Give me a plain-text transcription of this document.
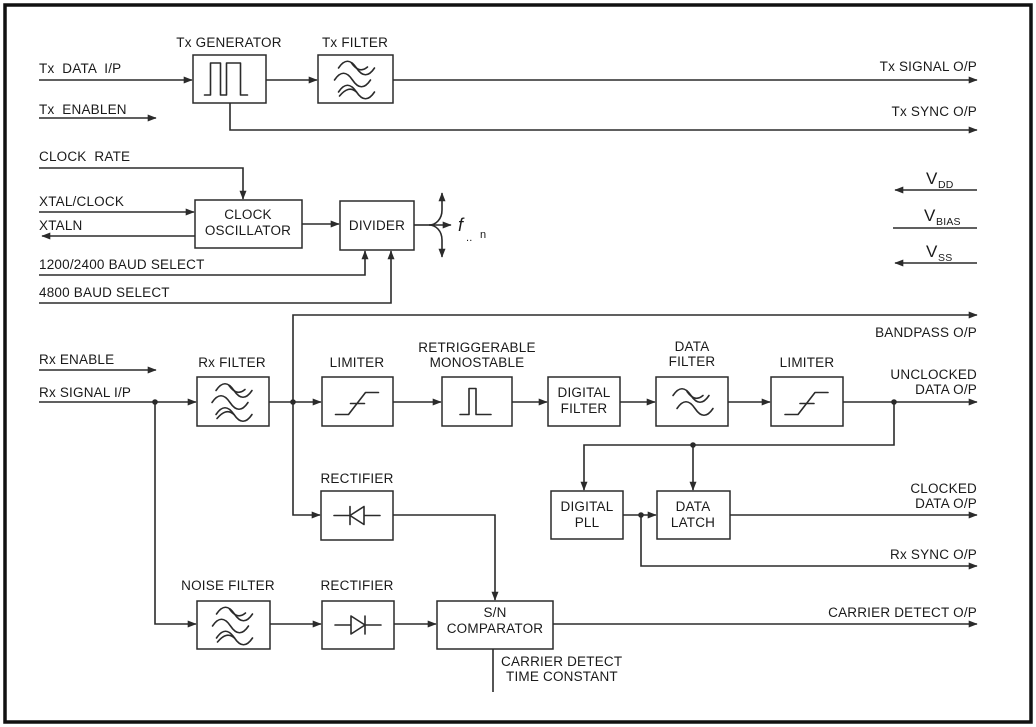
Tx  DATA  I/P
Tx  ENABLEN
Tx GENERATOR	Tx FILTER
Tx SIGNAL O/P
Tx SYNC O/P
CLOCK  RATE
XTAL/CLOCK
XTALN
CLOCK
OSCILLATOR	DIVIDER	f
.. n
1200/2400 BAUD SELECT
4800 BAUD SELECT
V DD
V BIAS
V SS
Rx ENABLE
Rx SIGNAL I/P
Rx FILTER
BANDPASS O/P
LIMITER
RETRIGGERABLE
MONOSTABLE
DIGITAL
FILTER
DATA
FILTER	LIMITER
UNCLOCKED
DATA O/P
RECTIFIER
DIGITAL
PLL
DATA
LATCH
CLOCKED
DATA O/P
Rx SYNC O/P
NOISE FILTER	RECTIFIER
S/N
COMPARATOR
CARRIER DETECT O/P
CARRIER DETECT
TIME CONSTANT
